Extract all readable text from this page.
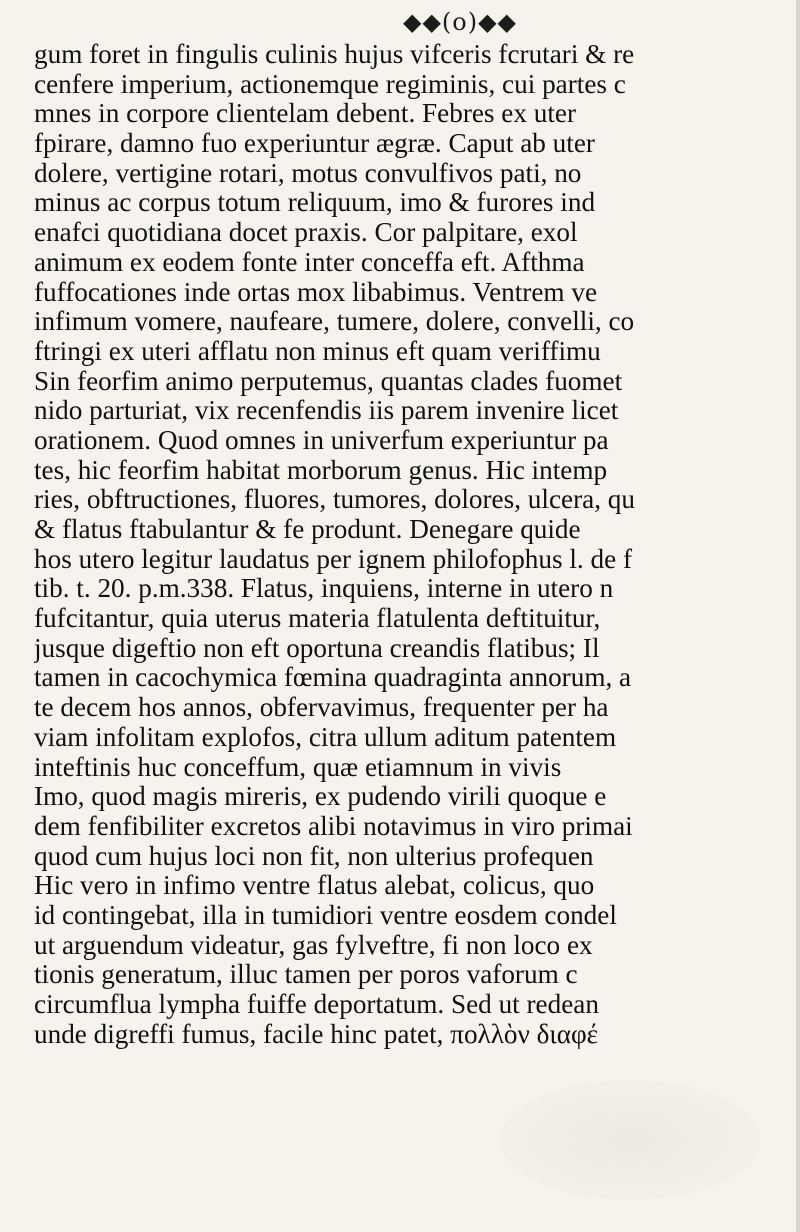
◆◆(o)◆◆
gum foret in fingulis culinis hujus vifceris fcrutari & re
cenfere imperium, actionemque regiminis, cui partes c
mnes in corpore clientelam debent. Febres ex uter
fpirare, damno fuo experiuntur ægræ. Caput ab uter
dolere, vertigine rotari, motus convulfivos pati, no
minus ac corpus totum reliquum, imo & furores ind
enafci quotidiana docet praxis. Cor palpitare, exol
animum ex eodem fonte inter conceffa eft. Afthma
fuffocationes inde ortas mox libabimus. Ventrem ve
infimum vomere, naufeare, tumere, dolere, convelli, co
ftringi ex uteri afflatu non minus eft quam veriffimu
Sin feorfim animo perputemus, quantas clades fuomet
nido parturiat, vix recenfendis iis parem invenire licet
orationem. Quod omnes in univerfum experiuntur pa
tes, hic feorfim habitat morborum genus. Hic intemp
ries, obftructiones, fluores, tumores, dolores, ulcera, qu
& flatus ftabulantur & fe produnt. Denegare quide
hos utero legitur laudatus per ignem philofophus l. de f
tib. t. 20. p.m.338. Flatus, inquiens, interne in utero n
fufcitantur, quia uterus materia flatulenta deftituitur,
jusque digeftio non eft oportuna creandis flatibus; Il
tamen in cacochymica fœmina quadraginta annorum, a
te decem hos annos, obfervavimus, frequenter per ha
viam infolitam explofos, citra ullum aditum patentem
inteftinis huc conceffum, quæ etiamnum in vivis
Imo, quod magis mireris, ex pudendo virili quoque e
dem fenfibiliter excretos alibi notavimus in viro primai
quod cum hujus loci non fit, non ulterius profequen
Hic vero in infimo ventre flatus alebat, colicus, quo
id contingebat, illa in tumidiori ventre eosdem condel
ut arguendum videatur, gas fylveftre, fi non loco ex
tionis generatum, illuc tamen per poros vaforum c
circumflua lympha fuiffe deportatum. Sed ut redean
unde digreffi fumus, facile hinc patet, πολλὸν διαφέ
